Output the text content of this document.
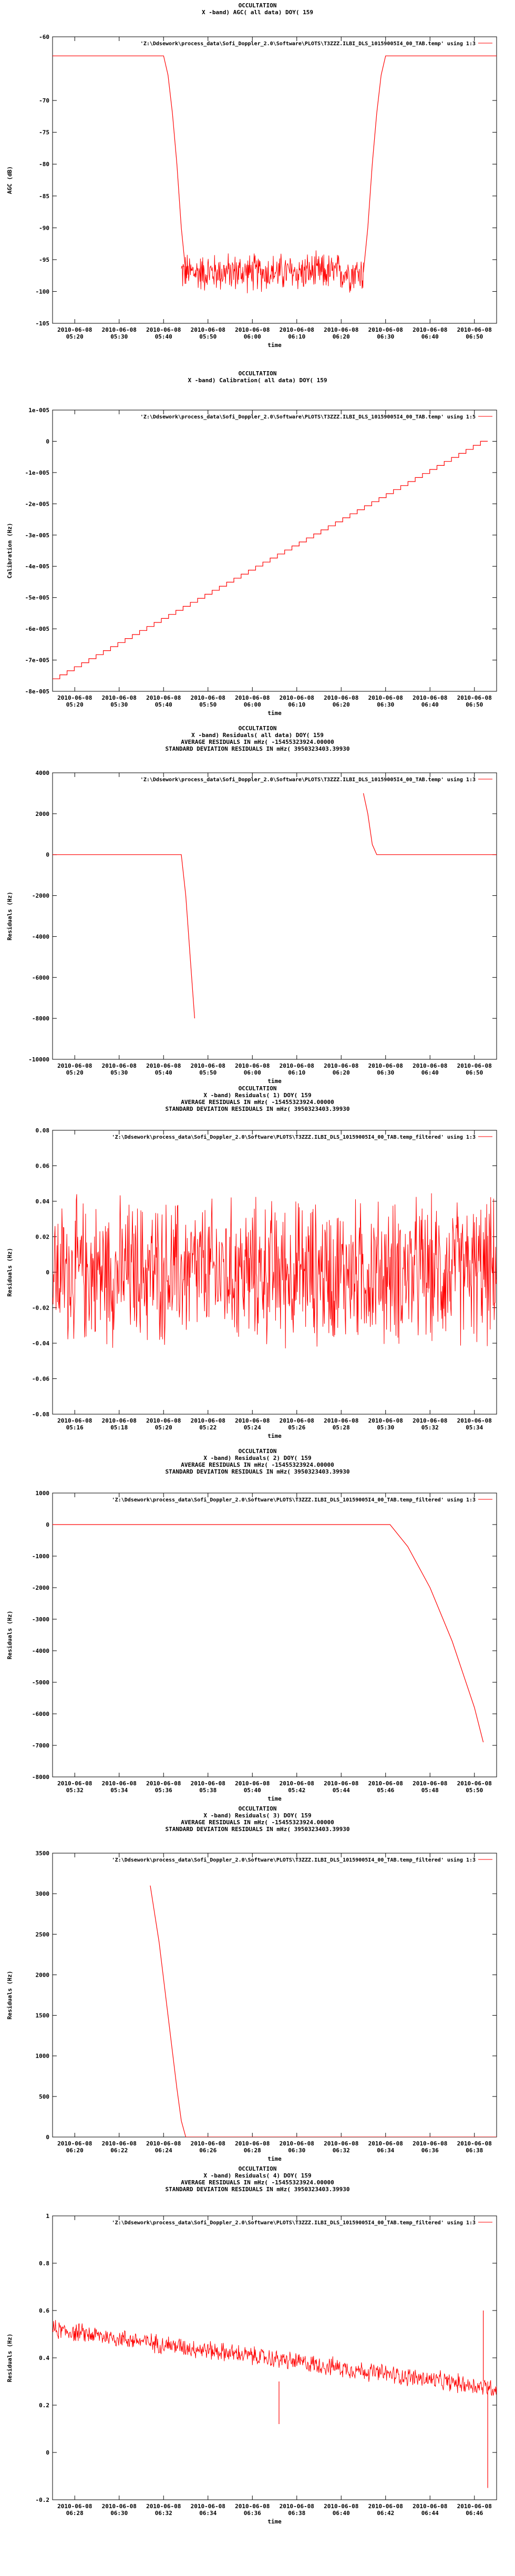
OCCULTATION
X -band) AGC( all data) DOY( 159
-60
-70
-75
-80
-85
-90
-95
-100
-105
2010-06-08
05:20
2010-06-08
05:30
2010-06-08
05:40
2010-06-08
05:50
2010-06-08
06:00
2010-06-08
06:10
2010-06-08
06:20
2010-06-08
06:30
2010-06-08
06:40
2010-06-08
06:50
time
AGC (dB)
'Z:\Ddsework\process_data\Sofi_Doppler_2.0\Software\PLOTS\T3ZZZ.ILBI_DLS_10159005I4_00_TAB.temp' using 1:3
OCCULTATION
X -band) Calibration( all data) DOY( 159
1e-005
0
-1e-005
-2e-005
-3e-005
-4e-005
-5e-005
-6e-005
-7e-005
-8e-005
2010-06-08
05:20
2010-06-08
05:30
2010-06-08
05:40
2010-06-08
05:50
2010-06-08
06:00
2010-06-08
06:10
2010-06-08
06:20
2010-06-08
06:30
2010-06-08
06:40
2010-06-08
06:50
time
Calibration (Hz)
'Z:\Ddsework\process_data\Sofi_Doppler_2.0\Software\PLOTS\T3ZZZ.ILBI_DLS_10159005I4_00_TAB.temp' using 1:5
OCCULTATION
X -band) Residuals( all data) DOY( 159
AVERAGE RESIDUALS IN mHz( -15455323924.00000
STANDARD DEVIATION RESIDUALS IN mHz( 3950323403.39930
4000
2000
0
-2000
-4000
-6000
-8000
-10000
2010-06-08
05:20
2010-06-08
05:30
2010-06-08
05:40
2010-06-08
05:50
2010-06-08
06:00
2010-06-08
06:10
2010-06-08
06:20
2010-06-08
06:30
2010-06-08
06:40
2010-06-08
06:50
time
Residuals (Hz)
'Z:\Ddsework\process_data\Sofi_Doppler_2.0\Software\PLOTS\T3ZZZ.ILBI_DLS_10159005I4_00_TAB.temp' using 1:3
OCCULTATION
X -band) Residuals( 1) DOY( 159
AVERAGE RESIDUALS IN mHz( -15455323924.00000
STANDARD DEVIATION RESIDUALS IN mHz( 3950323403.39930
0.08
0.06
0.04
0.02
0
-0.02
-0.04
-0.06
-0.08
2010-06-08
05:16
2010-06-08
05:18
2010-06-08
05:20
2010-06-08
05:22
2010-06-08
05:24
2010-06-08
05:26
2010-06-08
05:28
2010-06-08
05:30
2010-06-08
05:32
2010-06-08
05:34
time
Residuals (Hz)
'Z:\Ddsework\process_data\Sofi_Doppler_2.0\Software\PLOTS\T3ZZZ.ILBI_DLS_10159005I4_00_TAB.temp_filtered' using 1:3
OCCULTATION
X -band) Residuals( 2) DOY( 159
AVERAGE RESIDUALS IN mHz( -15455323924.00000
STANDARD DEVIATION RESIDUALS IN mHz( 3950323403.39930
1000
0
-1000
-2000
-3000
-4000
-5000
-6000
-7000
-8000
2010-06-08
05:32
2010-06-08
05:34
2010-06-08
05:36
2010-06-08
05:38
2010-06-08
05:40
2010-06-08
05:42
2010-06-08
05:44
2010-06-08
05:46
2010-06-08
05:48
2010-06-08
05:50
time
Residuals (Hz)
'Z:\Ddsework\process_data\Sofi_Doppler_2.0\Software\PLOTS\T3ZZZ.ILBI_DLS_10159005I4_00_TAB.temp_filtered' using 1:3
OCCULTATION
X -band) Residuals( 3) DOY( 159
AVERAGE RESIDUALS IN mHz( -15455323924.00000
STANDARD DEVIATION RESIDUALS IN mHz( 3950323403.39930
3500
3000
2500
2000
1500
1000
500
0
2010-06-08
06:20
2010-06-08
06:22
2010-06-08
06:24
2010-06-08
06:26
2010-06-08
06:28
2010-06-08
06:30
2010-06-08
06:32
2010-06-08
06:34
2010-06-08
06:36
2010-06-08
06:38
time
Residuals (Hz)
'Z:\Ddsework\process_data\Sofi_Doppler_2.0\Software\PLOTS\T3ZZZ.ILBI_DLS_10159005I4_00_TAB.temp_filtered' using 1:3
OCCULTATION
X -band) Residuals( 4) DOY( 159
AVERAGE RESIDUALS IN mHz( -15455323924.00000
STANDARD DEVIATION RESIDUALS IN mHz( 3950323403.39930
1
0.8
0.6
0.4
0.2
0
-0.2
2010-06-08
06:28
2010-06-08
06:30
2010-06-08
06:32
2010-06-08
06:34
2010-06-08
06:36
2010-06-08
06:38
2010-06-08
06:40
2010-06-08
06:42
2010-06-08
06:44
2010-06-08
06:46
time
Residuals (Hz)
'Z:\Ddsework\process_data\Sofi_Doppler_2.0\Software\PLOTS\T3ZZZ.ILBI_DLS_10159005I4_00_TAB.temp_filtered' using 1:3
